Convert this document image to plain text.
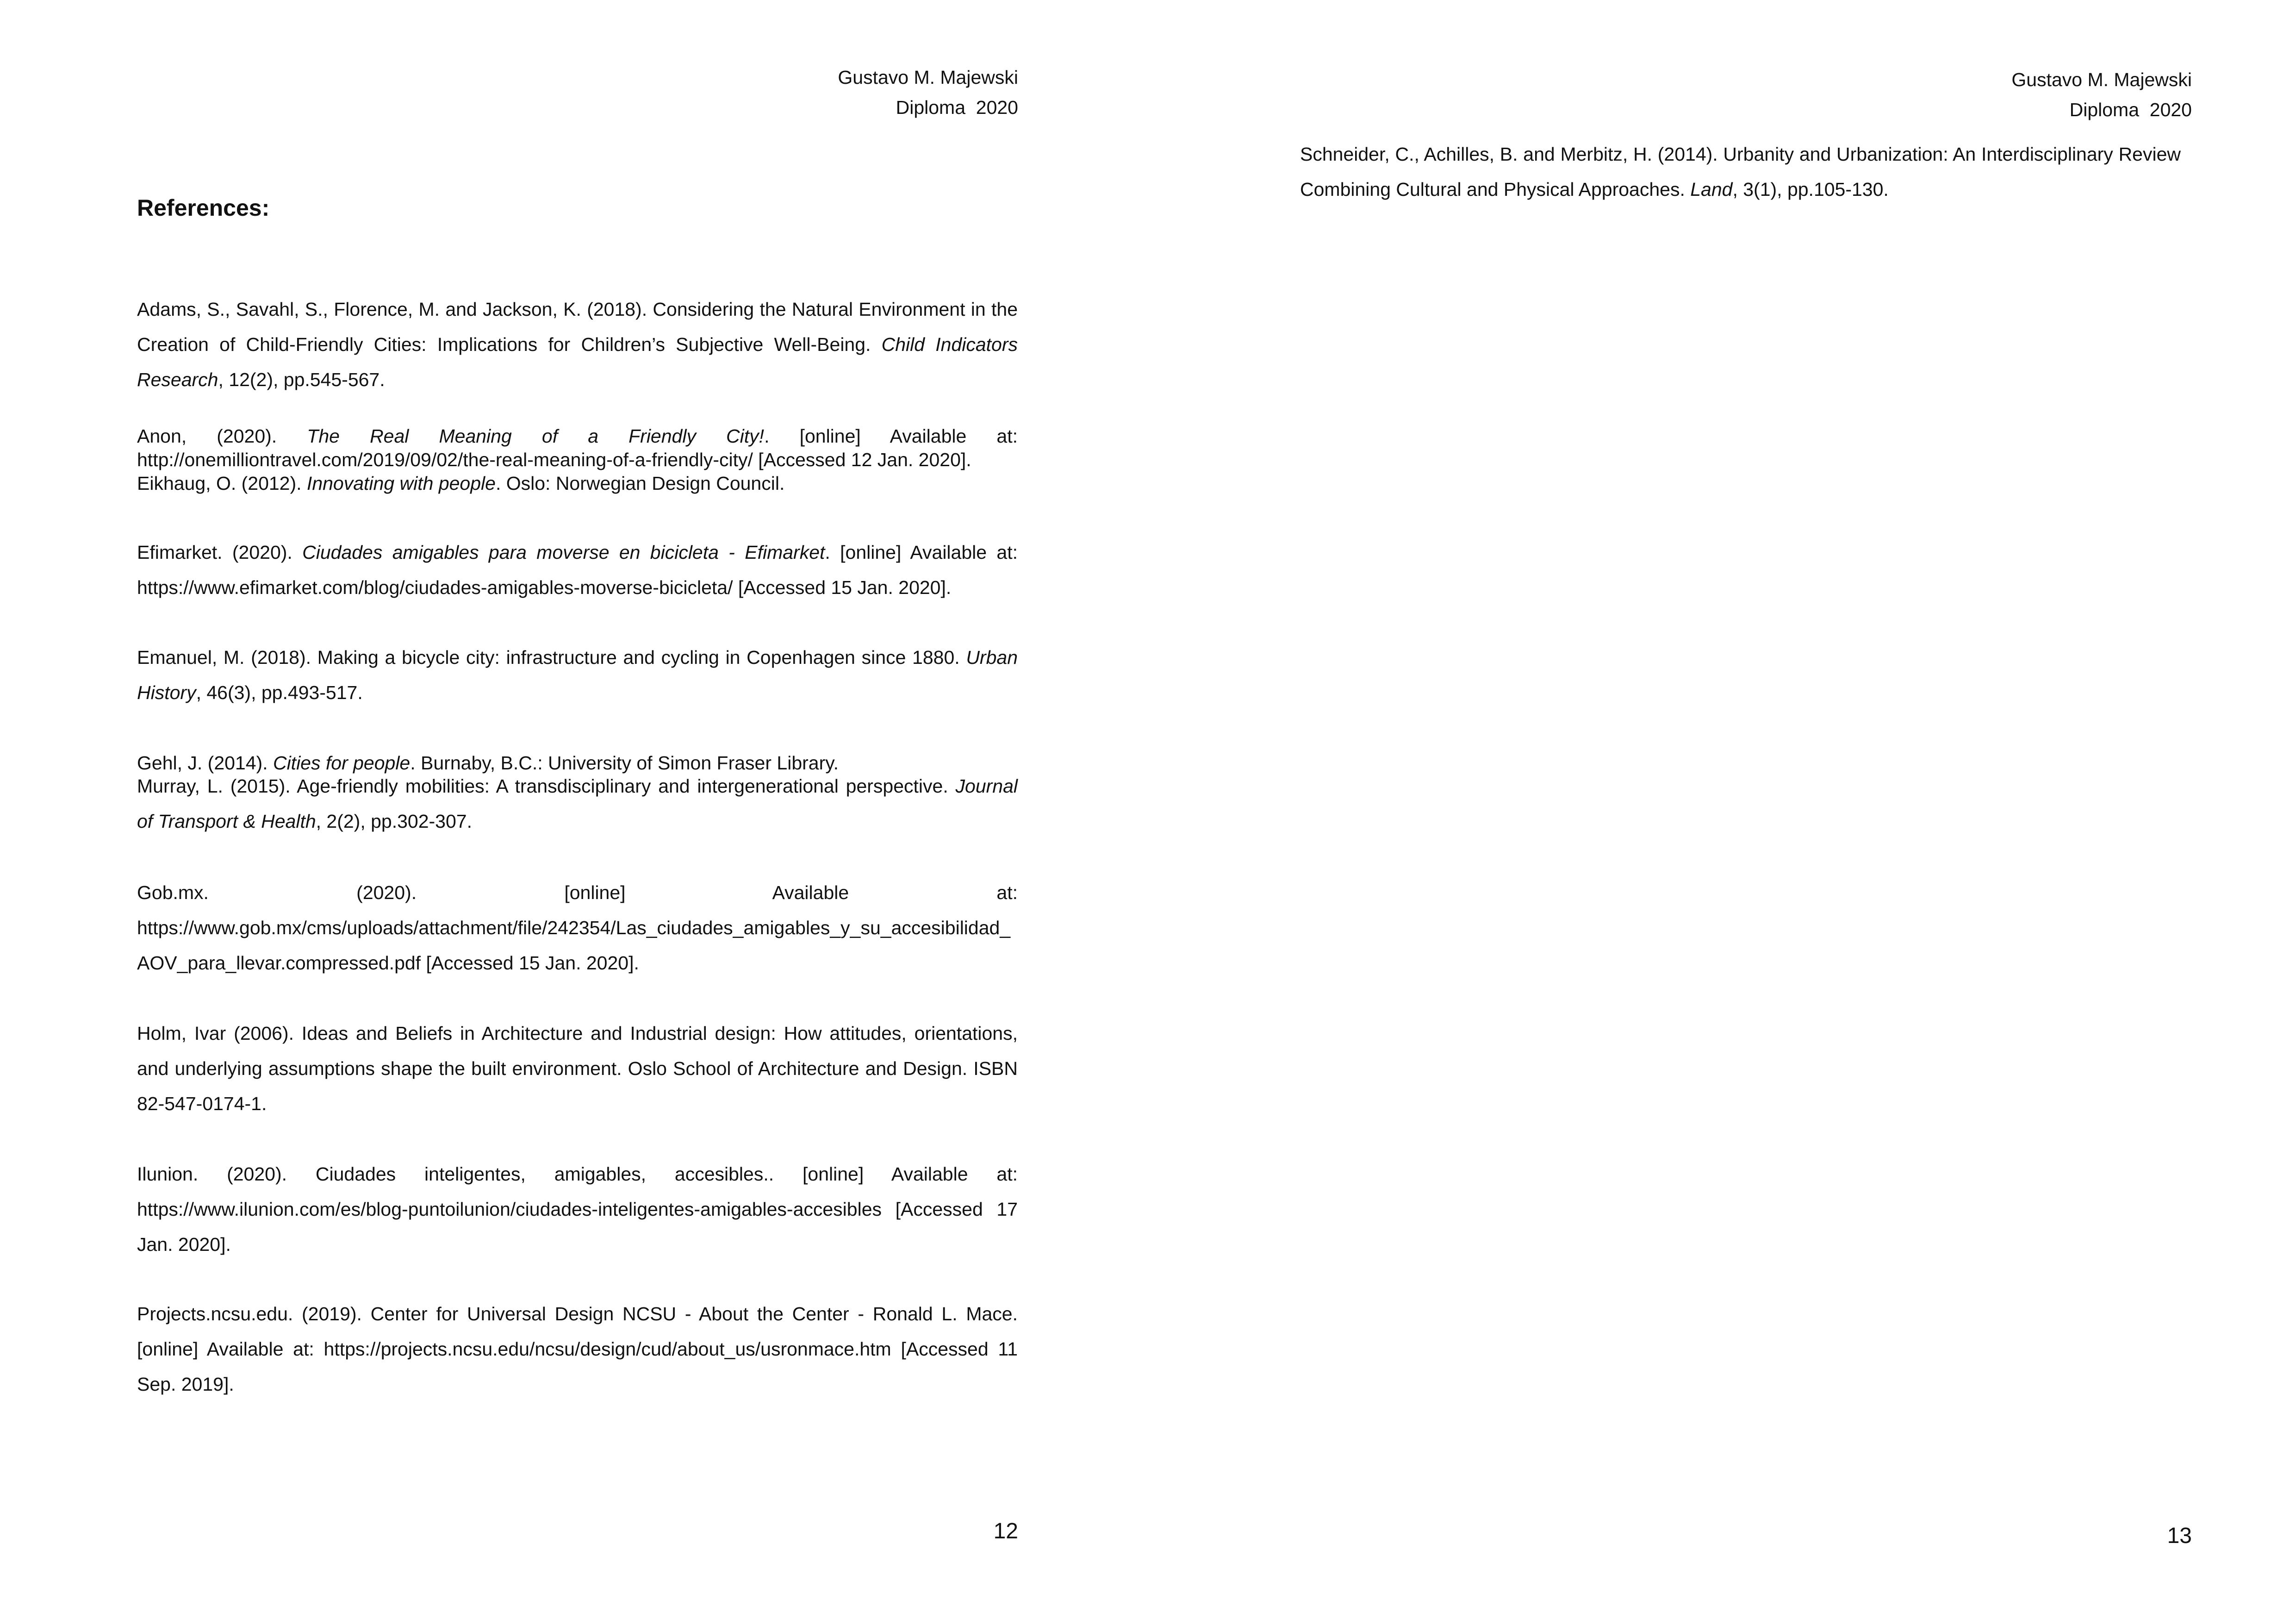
Gustavo M. Majewski
Diploma  2020
References:

Adams, S., Savahl, S., Florence, M. and Jackson, K. (2018). Considering the Natural Environment in the Creation of Child-Friendly Cities: Implications for Children’s Subjective Well-Being. Child Indicators Research, 12(2), pp.545-567.

Anon, (2020). The Real Meaning of a Friendly City!. [online] Available at: http://onemilliontravel.com/2019/09/02/the-real-meaning-of-a-friendly-city/ [Accessed 12 Jan. 2020].

Eikhaug, O. (2012). Innovating with people. Oslo: Norwegian Design Council.

Efimarket. (2020). Ciudades amigables para moverse en bicicleta - Efimarket. [online] Available at: https://www.efimarket.com/blog/ciudades-amigables-moverse-bicicleta/ [Accessed 15 Jan. 2020].

Emanuel, M. (2018). Making a bicycle city: infrastructure and cycling in Copenhagen since 1880. Urban History, 46(3), pp.493-517.

Gehl, J. (2014). Cities for people. Burnaby, B.C.: University of Simon Fraser Library.

Murray, L. (2015). Age-friendly mobilities: A transdisciplinary and intergenerational perspective. Journal of Transport & Health, 2(2), pp.302-307.

Gob.mx. (2020). [online] Available at:

https://www.gob.mx/cms/uploads/attachment/file/242354/Las_ciudades_amigables_y_su_accesibilidad_AOV_para_llevar.compressed.pdf [Accessed 15 Jan. 2020].

Holm, Ivar (2006). Ideas and Beliefs in Architecture and Industrial design: How attitudes, orientations, and underlying assumptions shape the built environment. Oslo School of Architecture and Design. ISBN 82-547-0174-1.

Ilunion. (2020). Ciudades inteligentes, amigables, accesibles.. [online] Available at: https://www.ilunion.com/es/blog-puntoilunion/ciudades-inteligentes-amigables-accesibles [Accessed 17 Jan. 2020].

Projects.ncsu.edu. (2019). Center for Universal Design NCSU - About the Center - Ronald L. Mace. [online] Available at: https://projects.ncsu.edu/ncsu/design/cud/about_us/usronmace.htm [Accessed 11 Sep. 2019].

12
Gustavo M. Majewski
Diploma  2020

Schneider, C., Achilles, B. and Merbitz, H. (2014). Urbanity and Urbanization: An Interdisciplinary Review Combining Cultural and Physical Approaches. Land, 3(1), pp.105-130.

13
